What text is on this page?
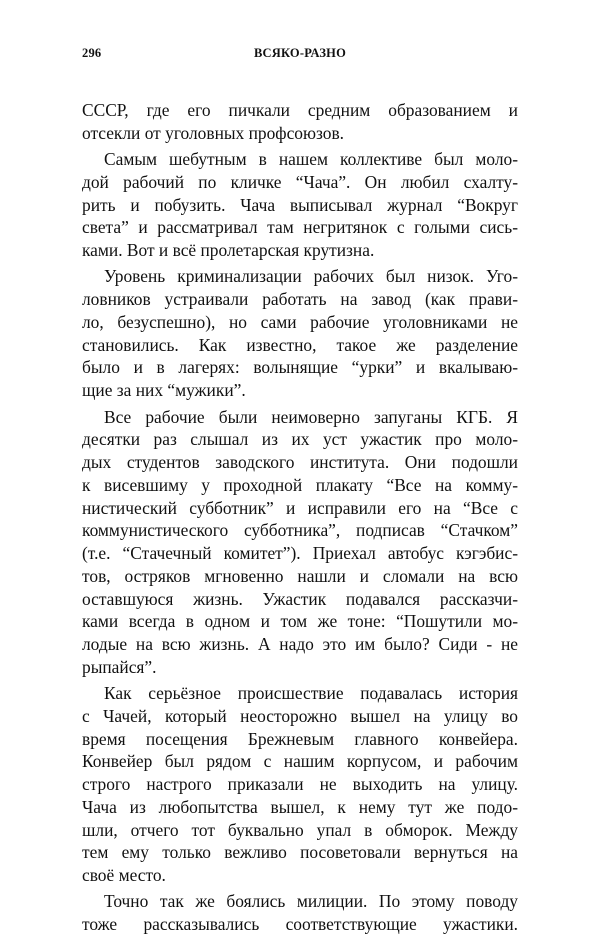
296	ВСЯКО-РАЗНО
СССР, где его пичкали средним образованием и
отсекли от уголовных профсоюзов.
Самым шебутным в нашем коллективе был моло-
дой рабочий по кличке “Чача”. Он любил схалту-
рить и побузить. Чача выписывал журнал “Вокруг
света” и рассматривал там негритянок с голыми сись-
ками. Вот и всё пролетарская крутизна.
Уровень криминализации рабочих был низок. Уго-
ловников устраивали работать на завод (как прави-
ло, безуспешно), но сами рабочие уголовниками не
становились. Как известно, такое же разделение
было и в лагерях: волынящие “урки” и вкалываю-
щие за них “мужики”.
Все рабочие были неимоверно запуганы КГБ. Я
десятки раз слышал из их уст ужастик про моло-
дых студентов заводского института. Они подошли
к висевшиму у проходной плакату “Все на комму-
нистический субботник” и исправили его на “Все с
коммунистического субботника”, подписав “Стачком”
(т.е. “Стачечный комитет”). Приехал автобус кэгэбис-
тов, остряков мгновенно нашли и сломали на всю
оставшуюся жизнь. Ужастик подавался рассказчи-
ками всегда в одном и том же тоне: “Пошутили мо-
лодые на всю жизнь. А надо это им было? Сиди - не
рыпайся”.
Как серьёзное происшествие подавалась история
с Чачей, который неосторожно вышел на улицу во
время посещения Брежневым главного конвейера.
Конвейер был рядом с нашим корпусом, и рабочим
строго настрого приказали не выходить на улицу.
Чача из любопытства вышел, к нему тут же подо-
шли, отчего тот буквально упал в обморок. Между
тем ему только вежливо посоветовали вернуться на
своё место.
Точно так же боялись милиции. По этому поводу
тоже рассказывались соответствующие ужастики.
